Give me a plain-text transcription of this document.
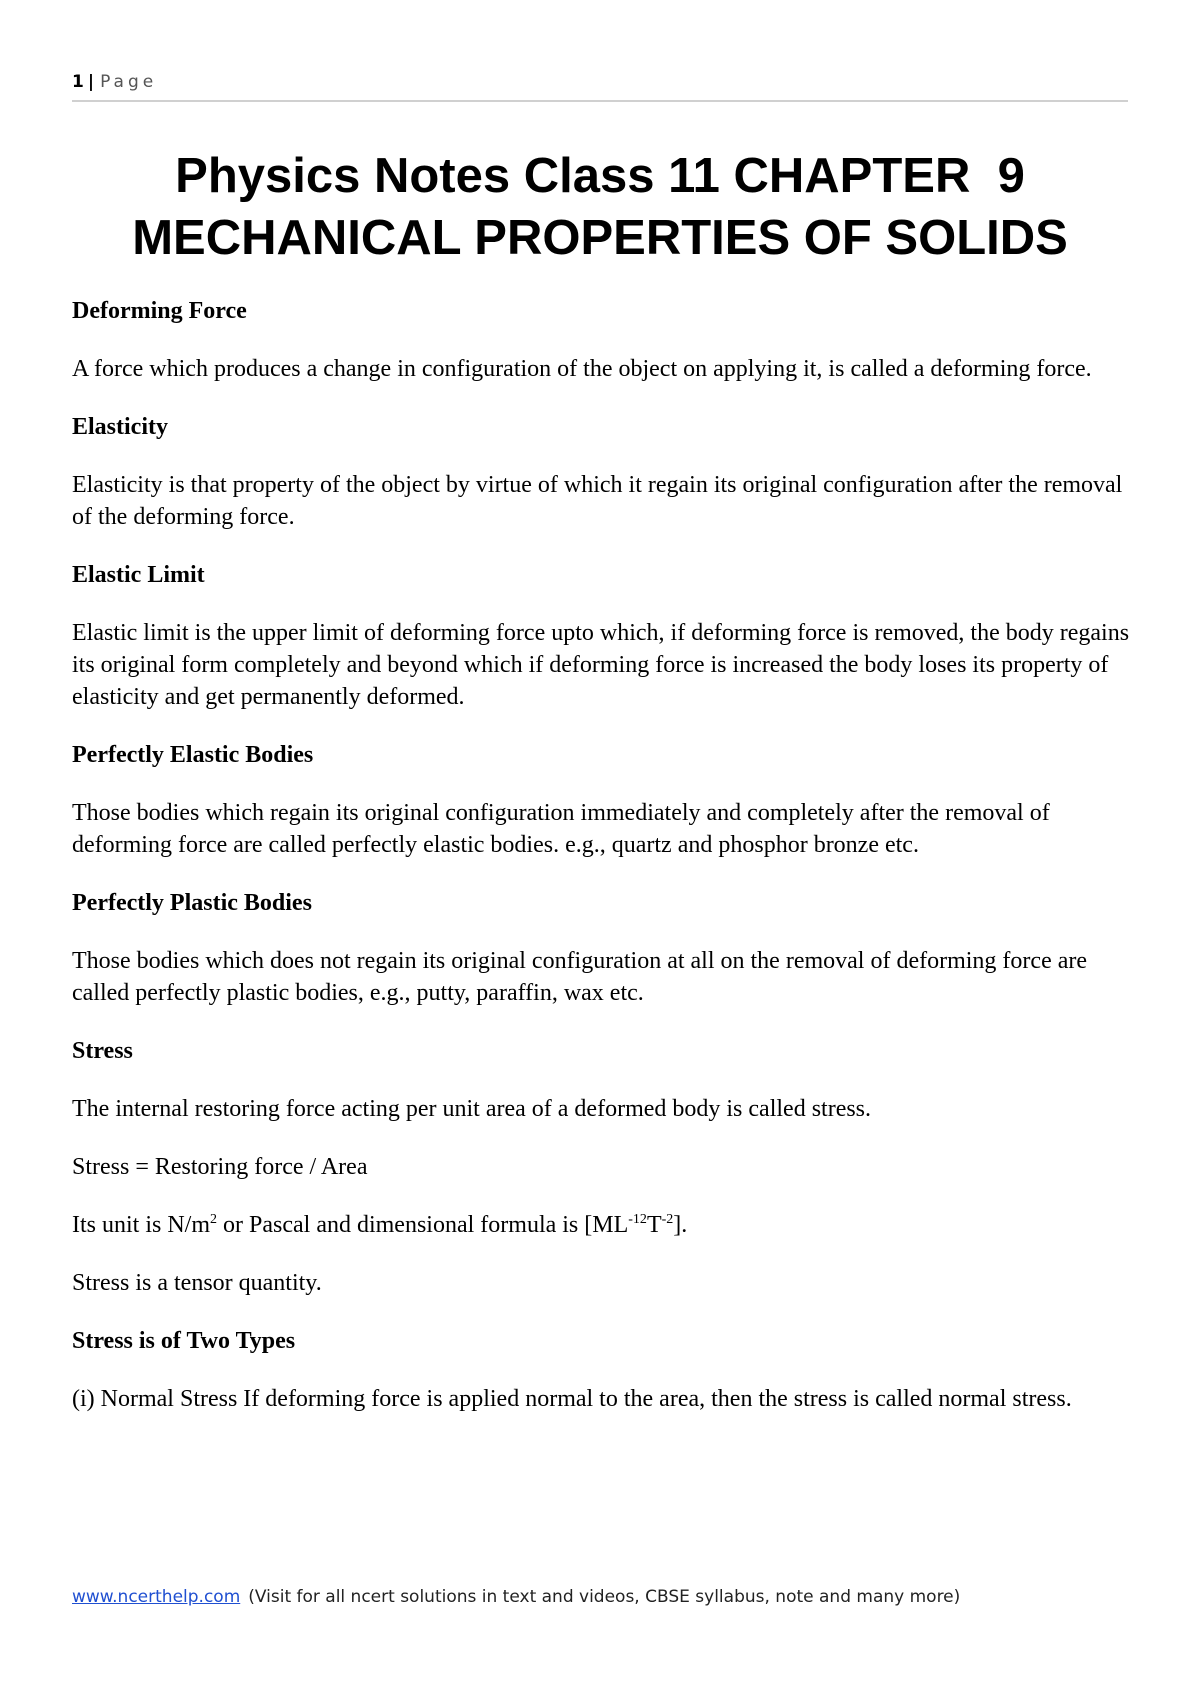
1 | Page
Physics Notes Class 11 CHAPTER  9
MECHANICAL PROPERTIES OF SOLIDS
Deforming Force

A force which produces a change in configuration of the object on applying it, is called a deforming force.

Elasticity

Elasticity is that property of the object by virtue of which it regain its original configuration after the removal of the deforming force.

Elastic Limit

Elastic limit is the upper limit of deforming force upto which, if deforming force is removed, the body regains its original form completely and beyond which if deforming force is increased the body loses its property of elasticity and get permanently deformed.

Perfectly Elastic Bodies

Those bodies which regain its original configuration immediately and completely after the removal of deforming force are called perfectly elastic bodies. e.g., quartz and phosphor bronze etc.

Perfectly Plastic Bodies

Those bodies which does not regain its original configuration at all on the removal of deforming force are called perfectly plastic bodies, e.g., putty, paraffin, wax etc.

Stress

The internal restoring force acting per unit area of a deformed body is called stress.

Stress = Restoring force / Area

Its unit is $N/m^2$ or Pascal and dimensional formula is $[ML^{-12}T^{-2}]$.

Stress is a tensor quantity.

Stress is of Two Types

(i) Normal Stress If deforming force is applied normal to the area, then the stress is called normal stress.

www.ncerthelp.com (Visit for all ncert solutions in text and videos, CBSE syllabus, note and many more)
